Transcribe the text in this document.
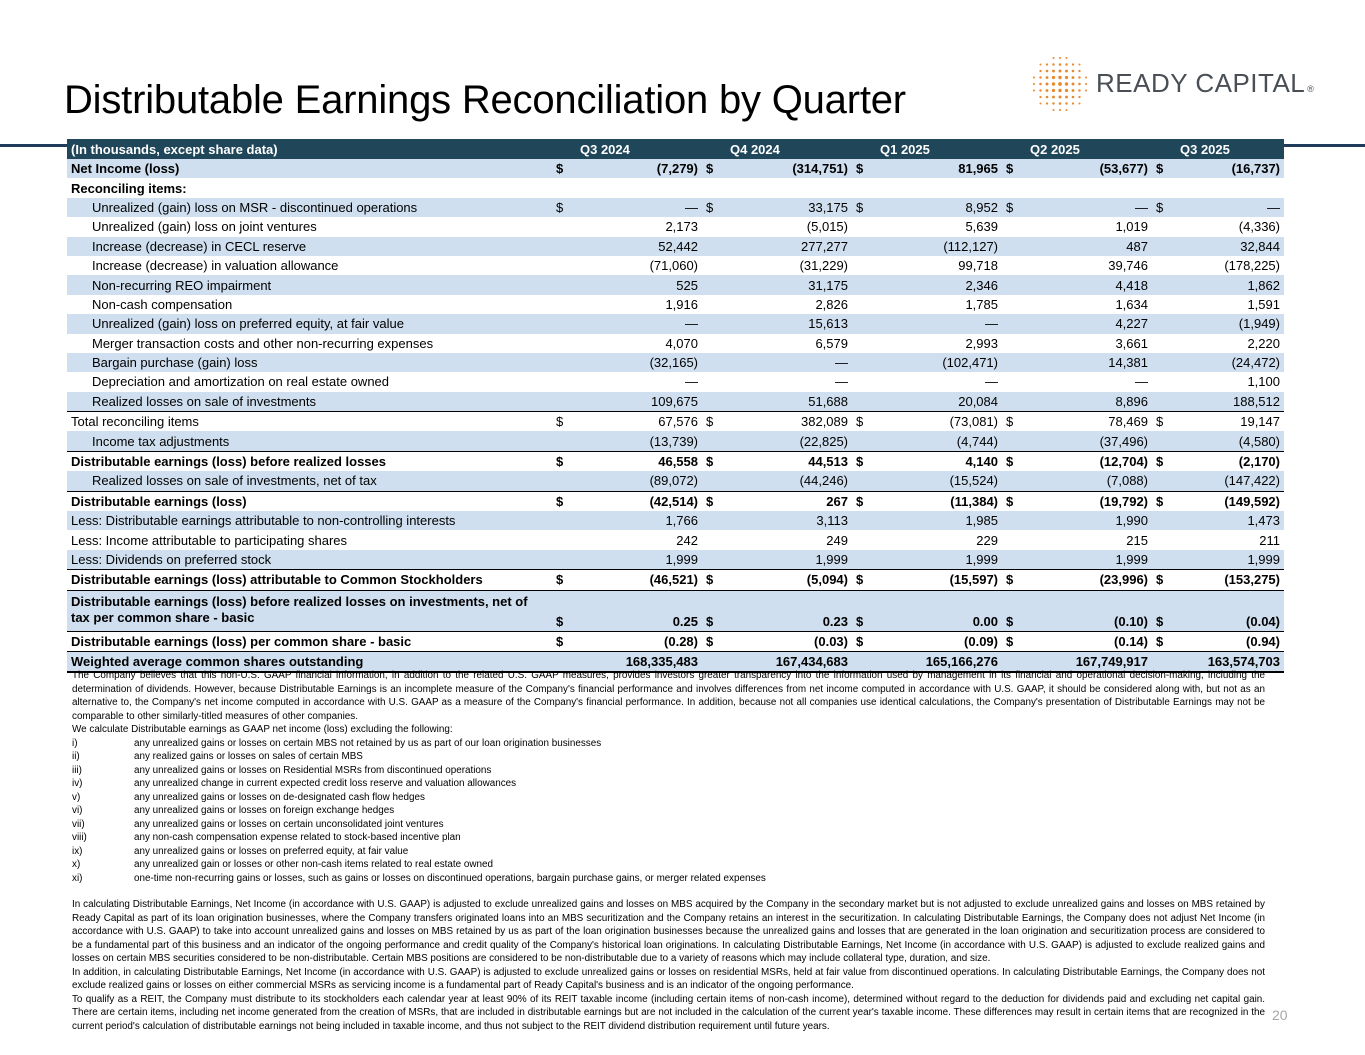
Distributable Earnings Reconciliation by Quarter	READY CAPITAL ®
(In thousands, except share data)	Q3 2024		Q4 2024		Q1 2025		Q2 2025		Q3 2025	
Net Income (loss)	$	(7,279)	$	(314,751)	$	81,965	$	(53,677)	$	(16,737)
Reconciling items:										
Unrealized (gain) loss on MSR - discontinued operations	$	—	$	33,175	$	8,952	$	—	$	—
Unrealized (gain) loss on joint ventures		2,173		(5,015)		5,639		1,019		(4,336)
Increase (decrease) in CECL reserve		52,442		277,277		(112,127)		487		32,844
Increase (decrease) in valuation allowance		(71,060)		(31,229)		99,718		39,746		(178,225)
Non-recurring REO impairment		525		31,175		2,346		4,418		1,862
Non-cash compensation		1,916		2,826		1,785		1,634		1,591
Unrealized (gain) loss on preferred equity, at fair value		—		15,613		—		4,227		(1,949)
Merger transaction costs and other non-recurring expenses		4,070		6,579		2,993		3,661		2,220
Bargain purchase (gain) loss		(32,165)		—		(102,471)		14,381		(24,472)
Depreciation and amortization on real estate owned		—		—		—		—		1,100
Realized losses on sale of investments		109,675		51,688		20,084		8,896		188,512
Total reconciling items	$	67,576	$	382,089	$	(73,081)	$	78,469	$	19,147
Income tax adjustments		(13,739)		(22,825)		(4,744)		(37,496)		(4,580)
Distributable earnings (loss) before realized losses	$	46,558	$	44,513	$	4,140	$	(12,704)	$	(2,170)
Realized losses on sale of investments, net of tax		(89,072)		(44,246)		(15,524)		(7,088)		(147,422)
Distributable earnings (loss)	$	(42,514)	$	267	$	(11,384)	$	(19,792)	$	(149,592)
Less: Distributable earnings attributable to non-controlling interests		1,766		3,113		1,985		1,990		1,473
Less: Income attributable to participating shares		242		249		229		215		211
Less: Dividends on preferred stock		1,999		1,999		1,999		1,999		1,999
Distributable earnings (loss) attributable to Common Stockholders	$	(46,521)	$	(5,094)	$	(15,597)	$	(23,996)	$	(153,275)
Distributable earnings (loss) before realized losses on investments, net of tax per common share - basic	$	0.25	$	0.23	$	0.00	$	(0.10)	$	(0.04)
Distributable earnings (loss) per common share - basic	$	(0.28)	$	(0.03)	$	(0.09)	$	(0.14)	$	(0.94)
Weighted average common shares outstanding		168,335,483		167,434,683		165,166,276		167,749,917		163,574,703

The Company believes that this non-U.S. GAAP financial information, in addition to the related U.S. GAAP measures, provides investors greater transparency into the information used by management in its financial and operational decision-making, including the determination of dividends. However, because Distributable Earnings is an incomplete measure of the Company's financial performance and involves differences from net income computed in accordance with U.S. GAAP, it should be considered along with, but not as an alternative to, the Company's net income computed in accordance with U.S. GAAP as a measure of the Company's financial performance. In addition, because not all companies use identical calculations, the Company's presentation of Distributable Earnings may not be comparable to other similarly-titled measures of other companies.

We calculate Distributable earnings as GAAP net income (loss) excluding the following:

i)	any unrealized gains or losses on certain MBS not retained by us as part of our loan origination businesses
ii)	any realized gains or losses on sales of certain MBS
iii)	any unrealized gains or losses on Residential MSRs from discontinued operations
iv)	any unrealized change in current expected credit loss reserve and valuation allowances
v)	any unrealized gains or losses on de-designated cash flow hedges
vi)	any unrealized gains or losses on foreign exchange hedges
vii)	any unrealized gains or losses on certain unconsolidated joint ventures
viii)	any non-cash compensation expense related to stock-based incentive plan
ix)	any unrealized gains or losses on preferred equity, at fair value
x)	any unrealized gain or losses or other non-cash items related to real estate owned
xi)	one-time non-recurring gains or losses, such as gains or losses on discontinued operations, bargain purchase gains, or merger related expenses

In calculating Distributable Earnings, Net Income (in accordance with U.S. GAAP) is adjusted to exclude unrealized gains and losses on MBS acquired by the Company in the secondary market but is not adjusted to exclude unrealized gains and losses on MBS retained by Ready Capital as part of its loan origination businesses, where the Company transfers originated loans into an MBS securitization and the Company retains an interest in the securitization. In calculating Distributable Earnings, the Company does not adjust Net Income (in accordance with U.S. GAAP) to take into account unrealized gains and losses on MBS retained by us as part of the loan origination businesses because the unrealized gains and losses that are generated in the loan origination and securitization process are considered to be a fundamental part of this business and an indicator of the ongoing performance and credit quality of the Company's historical loan originations. In calculating Distributable Earnings, Net Income (in accordance with U.S. GAAP) is adjusted to exclude realized gains and losses on certain MBS securities considered to be non-distributable. Certain MBS positions are considered to be non-distributable due to a variety of reasons which may include collateral type, duration, and size.

In addition, in calculating Distributable Earnings, Net Income (in accordance with U.S. GAAP) is adjusted to exclude unrealized gains or losses on residential MSRs, held at fair value from discontinued operations. In calculating Distributable Earnings, the Company does not exclude realized gains or losses on either commercial MSRs as servicing income is a fundamental part of Ready Capital's business and is an indicator of the ongoing performance.

To qualify as a REIT, the Company must distribute to its stockholders each calendar year at least 90% of its REIT taxable income (including certain items of non-cash income), determined without regard to the deduction for dividends paid and excluding net capital gain. There are certain items, including net income generated from the creation of MSRs, that are included in distributable earnings but are not included in the calculation of the current year's taxable income. These differences may result in certain items that are recognized in the current period's calculation of distributable earnings not being included in taxable income, and thus not subject to the REIT dividend distribution requirement until future years.

20
